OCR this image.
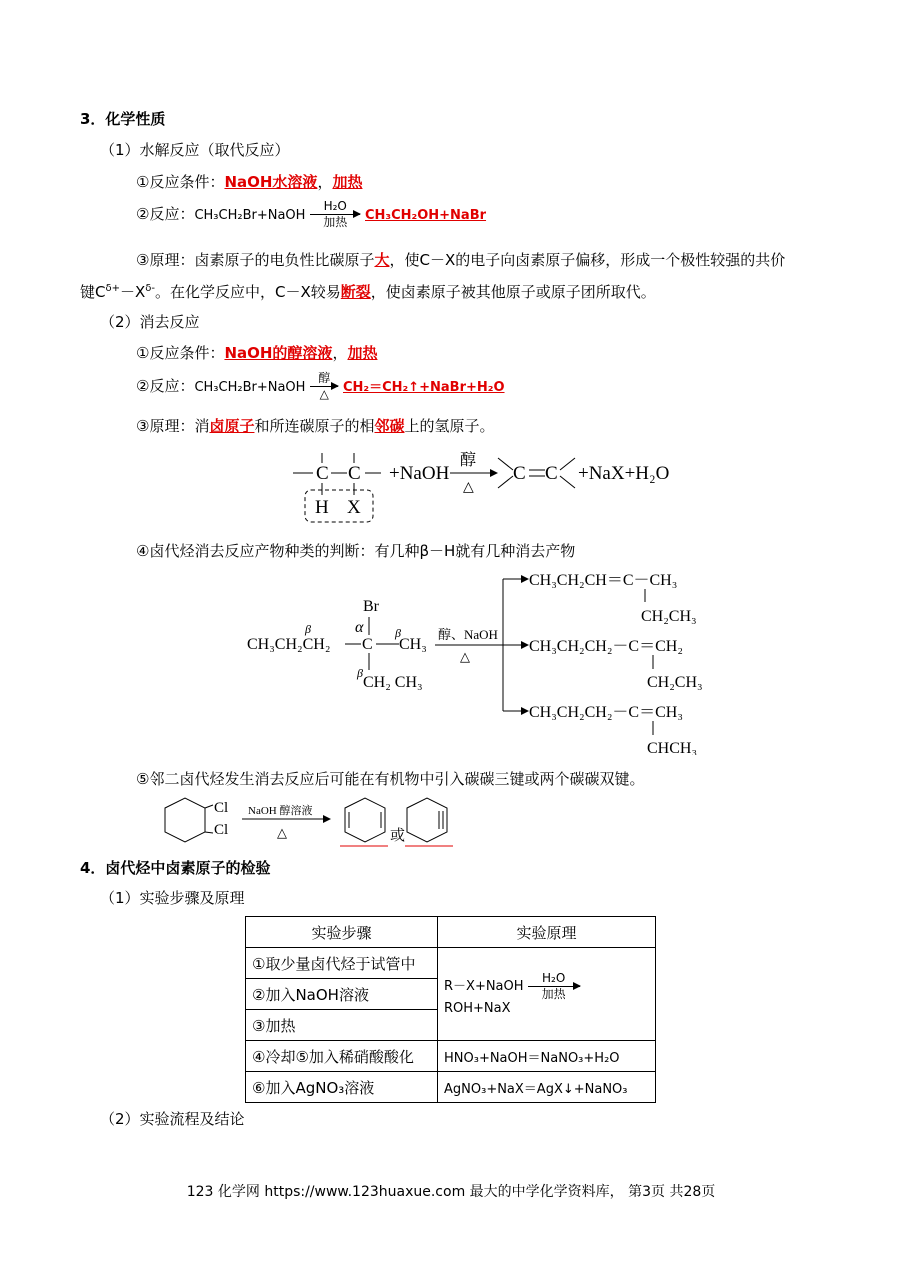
3．化学性质
（1）水解反应（取代反应）
①反应条件：NaOH水溶液，加热
②反应：CH₃CH₂Br+NaOH
H₂O
加热	CH₃CH₂OH+NaBr
③原理：卤素原子的电负性比碳原子大，使C－X的电子向卤素原子偏移，形成一个极性较强的共价
键$C^{\delta+}-X^{\delta-}$。在化学反应中，C－X较易断裂，使卤素原子被其他原子或原子团所取代。
（2）消去反应
①反应条件：NaOH的醇溶液，加热
②反应：CH₃CH₂Br+NaOH
醇
△	CH₂＝CH₂↑+NaBr+H₂O
③原理：消卤原子和所连碳原子的相邻碳上的氢原子。
C C
H X
+NaOH
醇
△
C C +NaX+H₂O
④卤代烃消去反应产物种类的判断：有几种β－H就有几种消去产物
Br
α
CH₃CH₂CH₂
β
C
β
CH₃
β
CH₂ CH₃
醇、NaOH
△
CH₃CH₂CH＝C－CH₃
CH₂CH₃
CH₃CH₂CH₂－C＝CH₂
CH₂CH₃
CH₃CH₂CH₂－C＝CH₃
CHCH₃
⑤邻二卤代烃发生消去反应后可能在有机物中引入碳碳三键或两个碳碳双键。
Cl
Cl
NaOH 醇溶液
△	或
4．卤代烃中卤素原子的检验
（1）实验步骤及原理
实验步骤	实验原理
①取少量卤代烃于试管中	R－X+NaOH
H₂O
加热
ROH+NaX
②加入NaOH溶液	
③加热	
④冷却⑤加入稀硝酸酸化	HNO₃+NaOH＝NaNO₃+H₂O
⑥加入AgNO₃溶液	AgNO₃+NaX＝AgX↓+NaNO₃
（2）实验流程及结论
123 化学网 https://www.123huaxue.com 最大的中学化学资料库， 第3页 共28页
